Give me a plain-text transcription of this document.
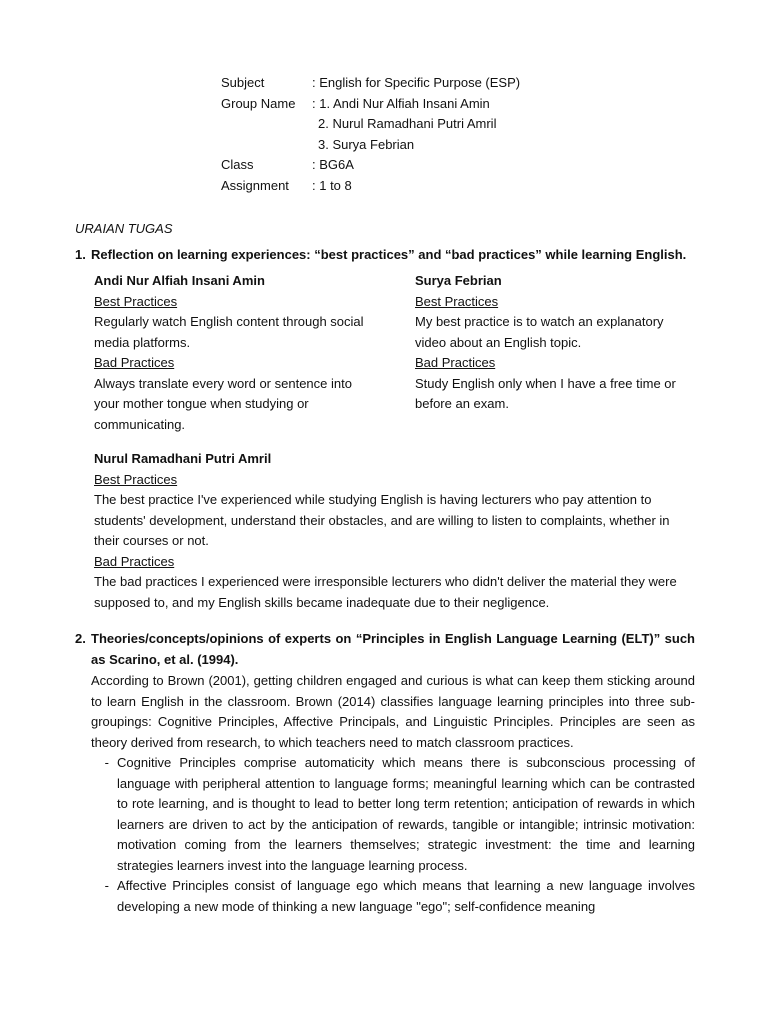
Subject	: English for Specific Purpose (ESP)
Group Name	: 1. Andi Nur Alfiah Insani Amin
2. Nurul Ramadhani Putri Amril
3. Surya Febrian
Class	: BG6A
Assignment	: 1 to 8
URAIAN TUGAS
1. Reflection on learning experiences: “best practices” and “bad practices” while learning English.
Andi Nur Alfiah Insani Amin
Best Practices
Regularly watch English content through social media platforms.
Bad Practices
Always translate every word or sentence into your mother tongue when studying or communicating.
Surya Febrian
Best Practices
My best practice is to watch an explanatory video about an English topic.
Bad Practices
Study English only when I have a free time or before an exam.
Nurul Ramadhani Putri Amril
Best Practices
The best practice I've experienced while studying English is having lecturers who pay attention to students' development, understand their obstacles, and are willing to listen to complaints, whether in their courses or not.
Bad Practices
The bad practices I experienced were irresponsible lecturers who didn't deliver the material they were supposed to, and my English skills became inadequate due to their negligence.
2. Theories/concepts/opinions of experts on “Principles in English Language Learning (ELT)” such as Scarino, et al. (1994).
According to Brown (2001), getting children engaged and curious is what can keep them sticking around to learn English in the classroom. Brown (2014) classifies language learning principles into three sub-groupings: Cognitive Principles, Affective Principals, and Linguistic Principles. Principles are seen as theory derived from research, to which teachers need to match classroom practices.
- Cognitive Principles comprise automaticity which means there is subconscious processing of language with peripheral attention to language forms; meaningful learning which can be contrasted to rote learning, and is thought to lead to better long term retention; anticipation of rewards in which learners are driven to act by the anticipation of rewards, tangible or intangible; intrinsic motivation: motivation coming from the learners themselves; strategic investment: the time and learning strategies learners invest into the language learning process.
- Affective Principles consist of language ego which means that learning a new language involves developing a new mode of thinking a new language "ego"; self-confidence meaning
